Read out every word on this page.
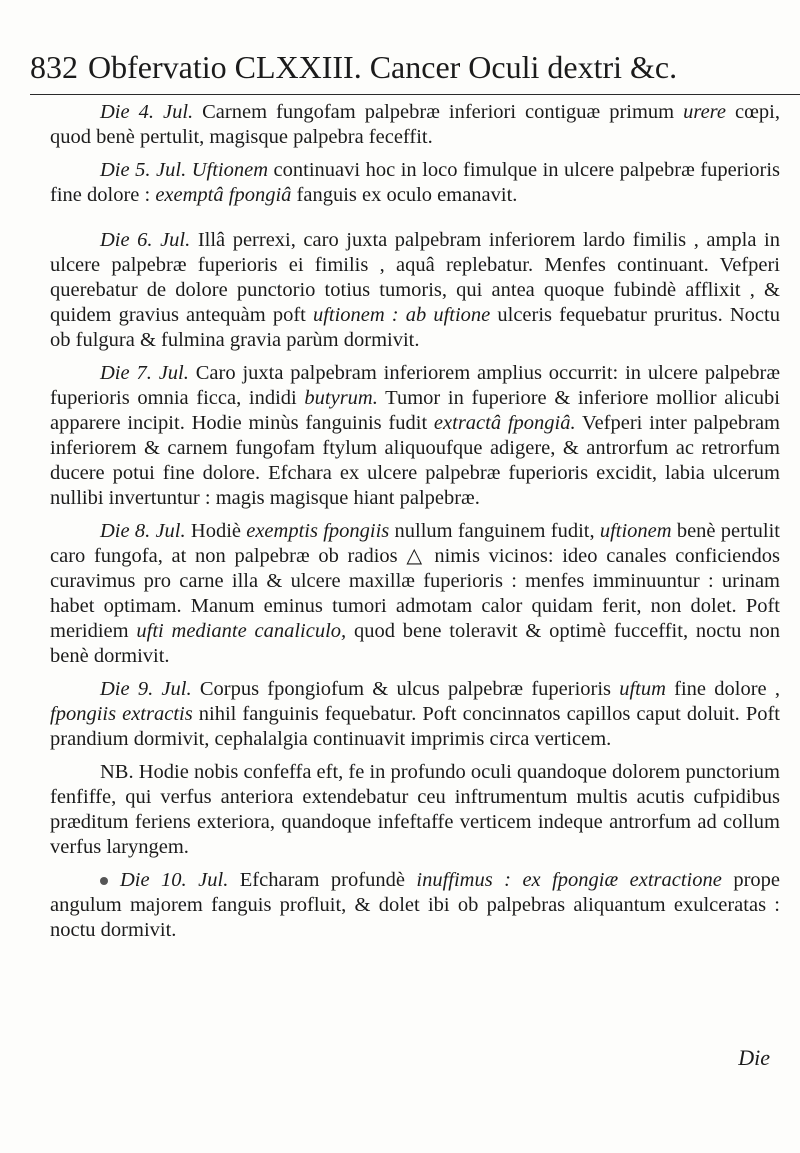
832 Obfervatio CLXXIII. Cancer Oculi dextri &c.

Die 4. Jul. Carnem fungofam palpebræ inferiori contiguæ primum urere cœpi, quod benè pertulit, magisque palpebra feceffit.

Die 5. Jul. Uftionem continuavi hoc in loco fimulque in ulcere palpebræ fuperioris fine dolore : exemptâ fpongiâ fanguis ex oculo emanavit.

Die 6. Jul. Illâ perrexi, caro juxta palpebram inferiorem lardo fimilis , ampla in ulcere palpebræ fuperioris ei fimilis , aquâ replebatur. Menfes continuant. Vefperi querebatur de dolore punctorio totius tumoris, qui antea quoque fubindè afflixit , & quidem gravius antequàm poft uftionem : ab uftione ulceris fequebatur pruritus. Noctu ob fulgura & fulmina gravia parùm dormivit.

Die 7. Jul. Caro juxta palpebram inferiorem amplius occurrit: in ulcere palpebræ fuperioris omnia ficca, indidi butyrum. Tumor in fuperiore & inferiore mollior alicubi apparere incipit. Hodie minùs fanguinis fudit extractâ fpongiâ. Vefperi inter palpebram inferiorem & carnem fungofam ftylum aliquoufque adigere, & antrorfum ac retrorfum ducere potui fine dolore. Efchara ex ulcere palpebræ fuperioris excidit, labia ulcerum nullibi invertuntur : magis magisque hiant palpebræ.

Die 8. Jul. Hodiè exemptis fpongiis nullum fanguinem fudit, uftionem benè pertulit caro fungofa, at non palpebræ ob radios △ nimis vicinos: ideo canales conficiendos curavimus pro carne illa & ulcere maxillæ fuperioris : menfes imminuuntur : urinam habet optimam. Manum eminus tumori admotam calor quidam ferit, non dolet. Poft meridiem ufti mediante canaliculo, quod bene toleravit & optimè fucceffit, noctu non benè dormivit.

Die 9. Jul. Corpus fpongiofum & ulcus palpebræ fuperioris uftum fine dolore , fpongiis extractis nihil fanguinis fequebatur. Poft concinnatos capillos caput doluit. Poft prandium dormivit, cephalalgia continuavit imprimis circa verticem.

NB. Hodie nobis confeffa eft, fe in profundo oculi quandoque dolorem punctorium fenfiffe, qui verfus anteriora extendebatur ceu inftrumentum multis acutis cufpidibus præditum feriens exteriora, quandoque infeftaffe verticem indeque antrorfum ad collum verfus laryngem.

Die 10. Jul. Efcharam profundè inuffimus : ex fpongiæ extractione prope angulum majorem fanguis profluit, & dolet ibi ob palpebras aliquantum exulceratas : noctu dormivit.

Die
